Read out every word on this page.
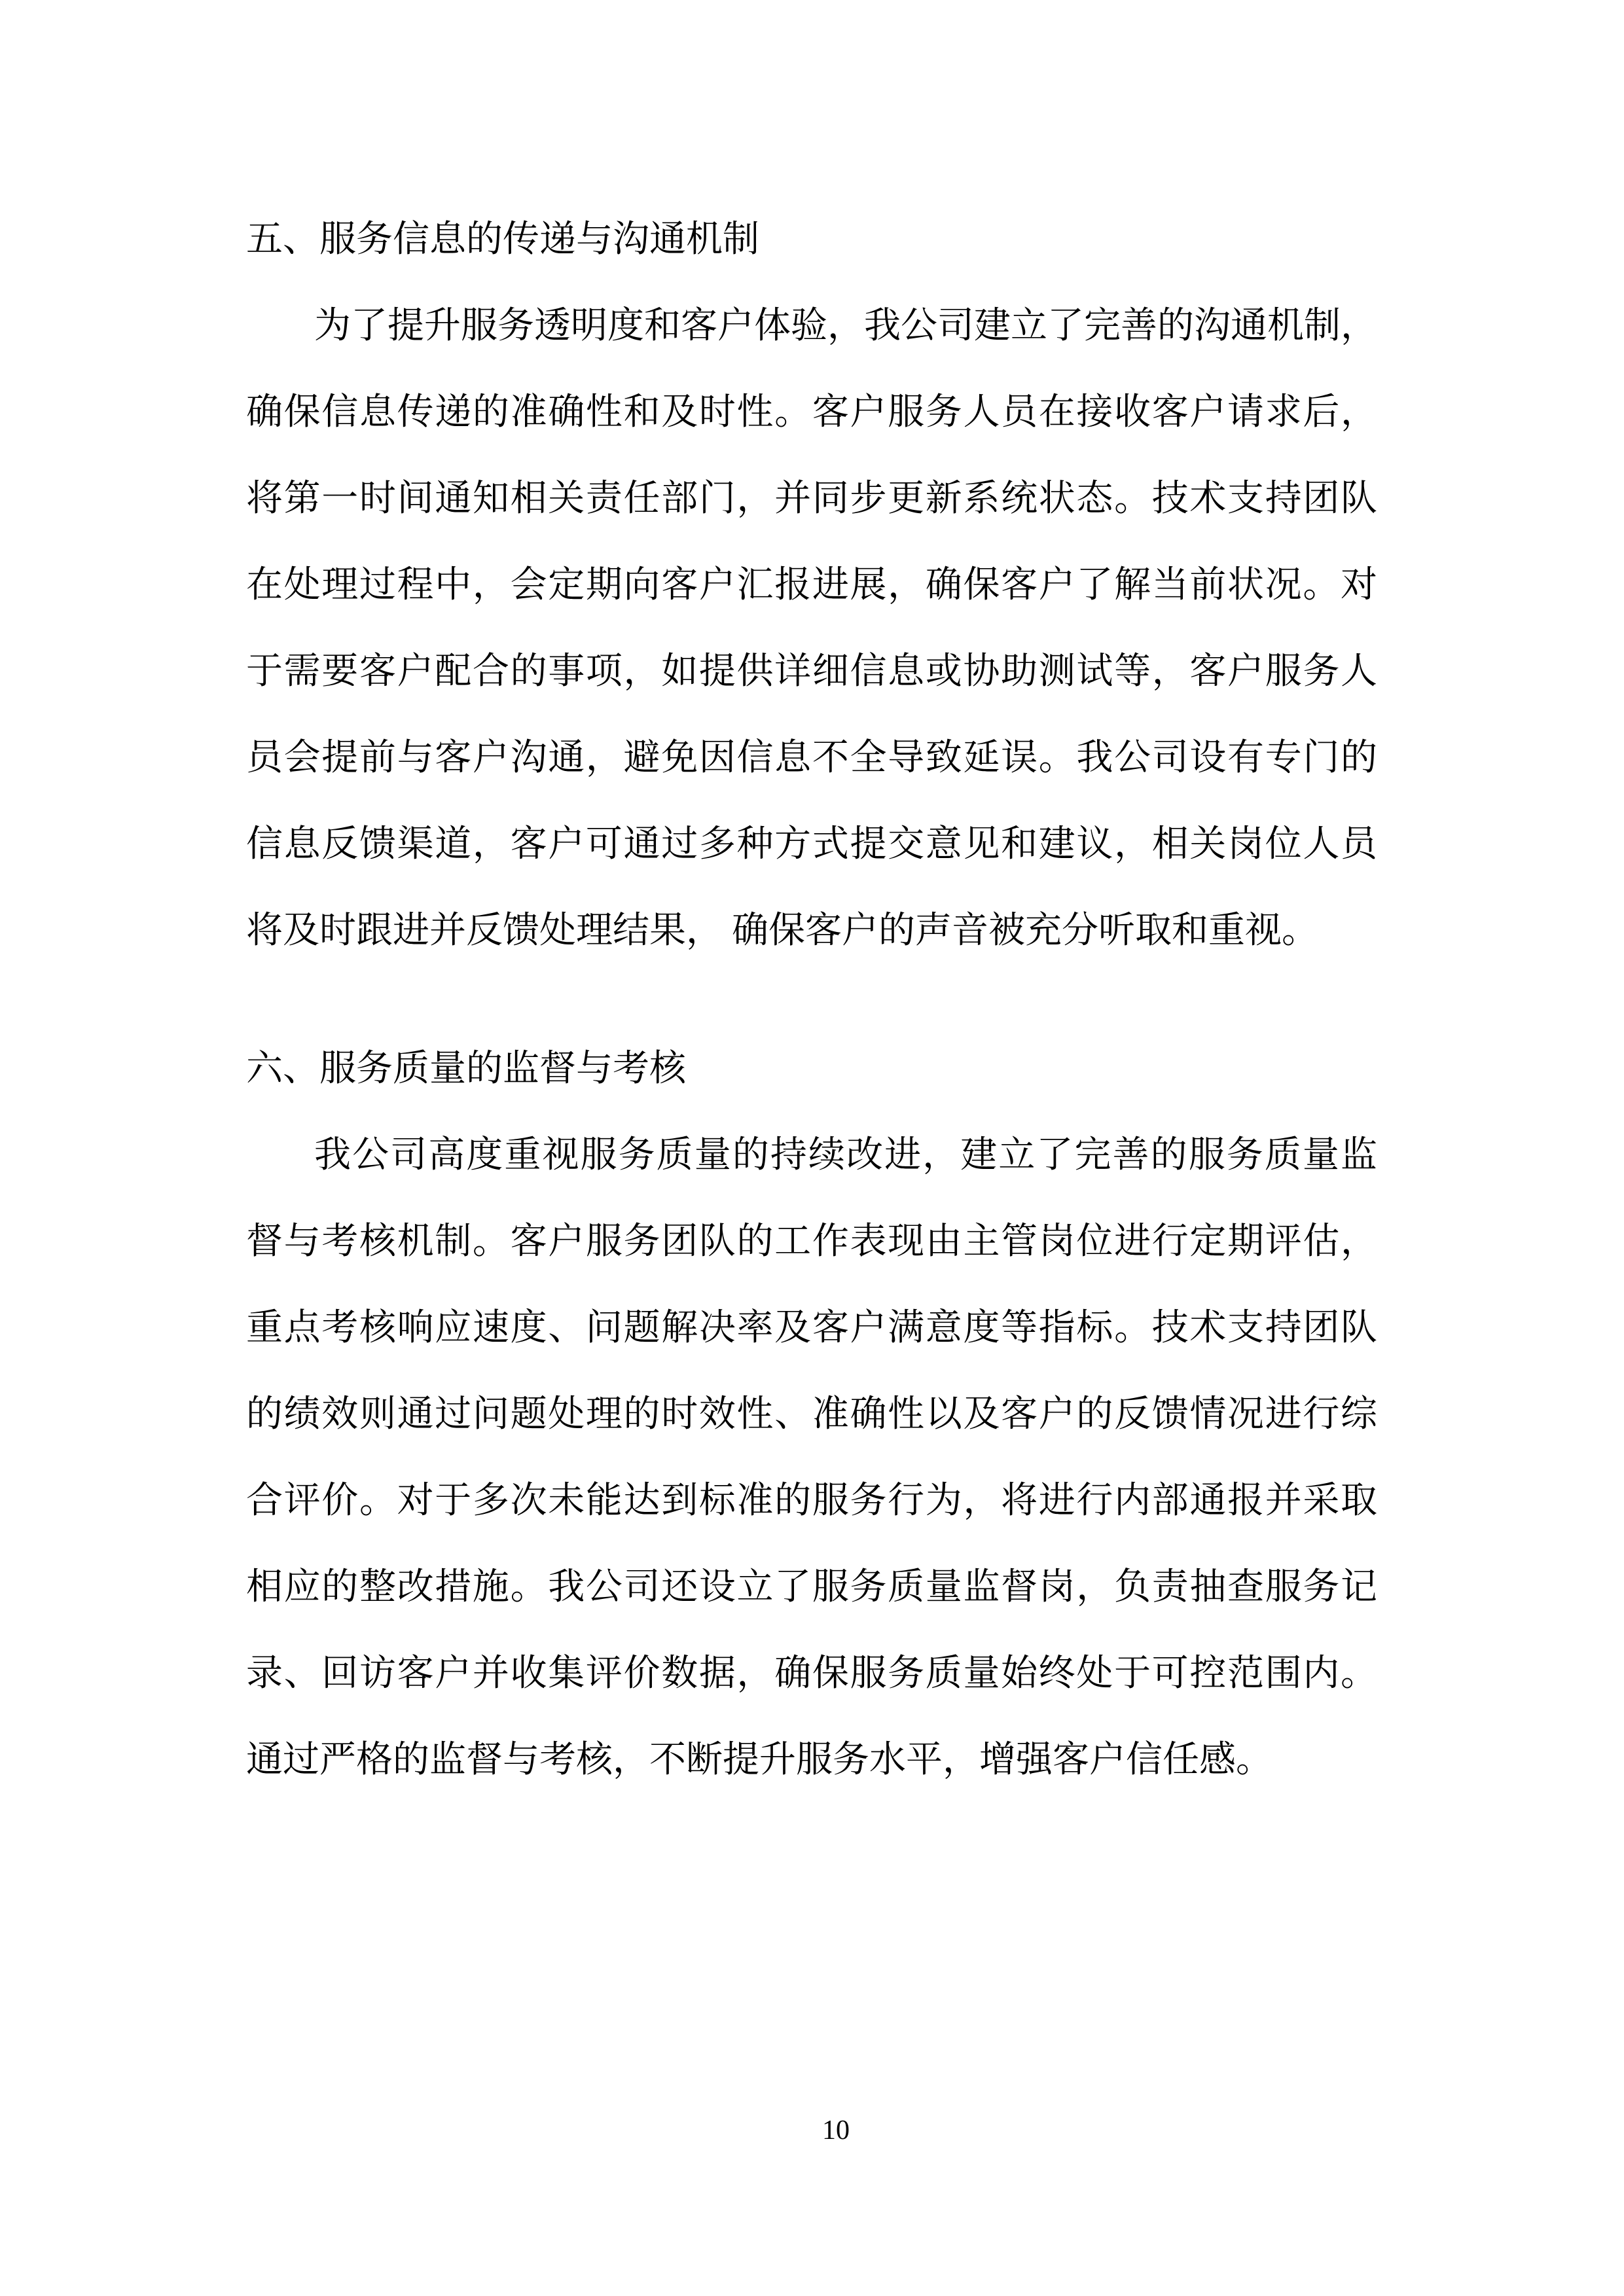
五、服务信息的传递与沟通机制
为了提升服务透明度和客户体验，我公司建立了完善的沟通机制，
确保信息传递的准确性和及时性。客户服务人员在接收客户请求后，
将第一时间通知相关责任部门，并同步更新系统状态。技术支持团队
在处理过程中，会定期向客户汇报进展，确保客户了解当前状况。对
于需要客户配合的事项，如提供详细信息或协助测试等，客户服务人
员会提前与客户沟通，避免因信息不全导致延误。我公司设有专门的
信息反馈渠道，客户可通过多种方式提交意见和建议，相关岗位人员
将及时跟进并反馈处理结果， 确保客户的声音被充分听取和重视。
六、服务质量的监督与考核
我公司高度重视服务质量的持续改进，建立了完善的服务质量监
督与考核机制。客户服务团队的工作表现由主管岗位进行定期评估，
重点考核响应速度、问题解决率及客户满意度等指标。技术支持团队
的绩效则通过问题处理的时效性、准确性以及客户的反馈情况进行综
合评价。对于多次未能达到标准的服务行为，将进行内部通报并采取
相应的整改措施。我公司还设立了服务质量监督岗，负责抽查服务记
录、回访客户并收集评价数据，确保服务质量始终处于可控范围内。
通过严格的监督与考核，不断提升服务水平，增强客户信任感。
10
